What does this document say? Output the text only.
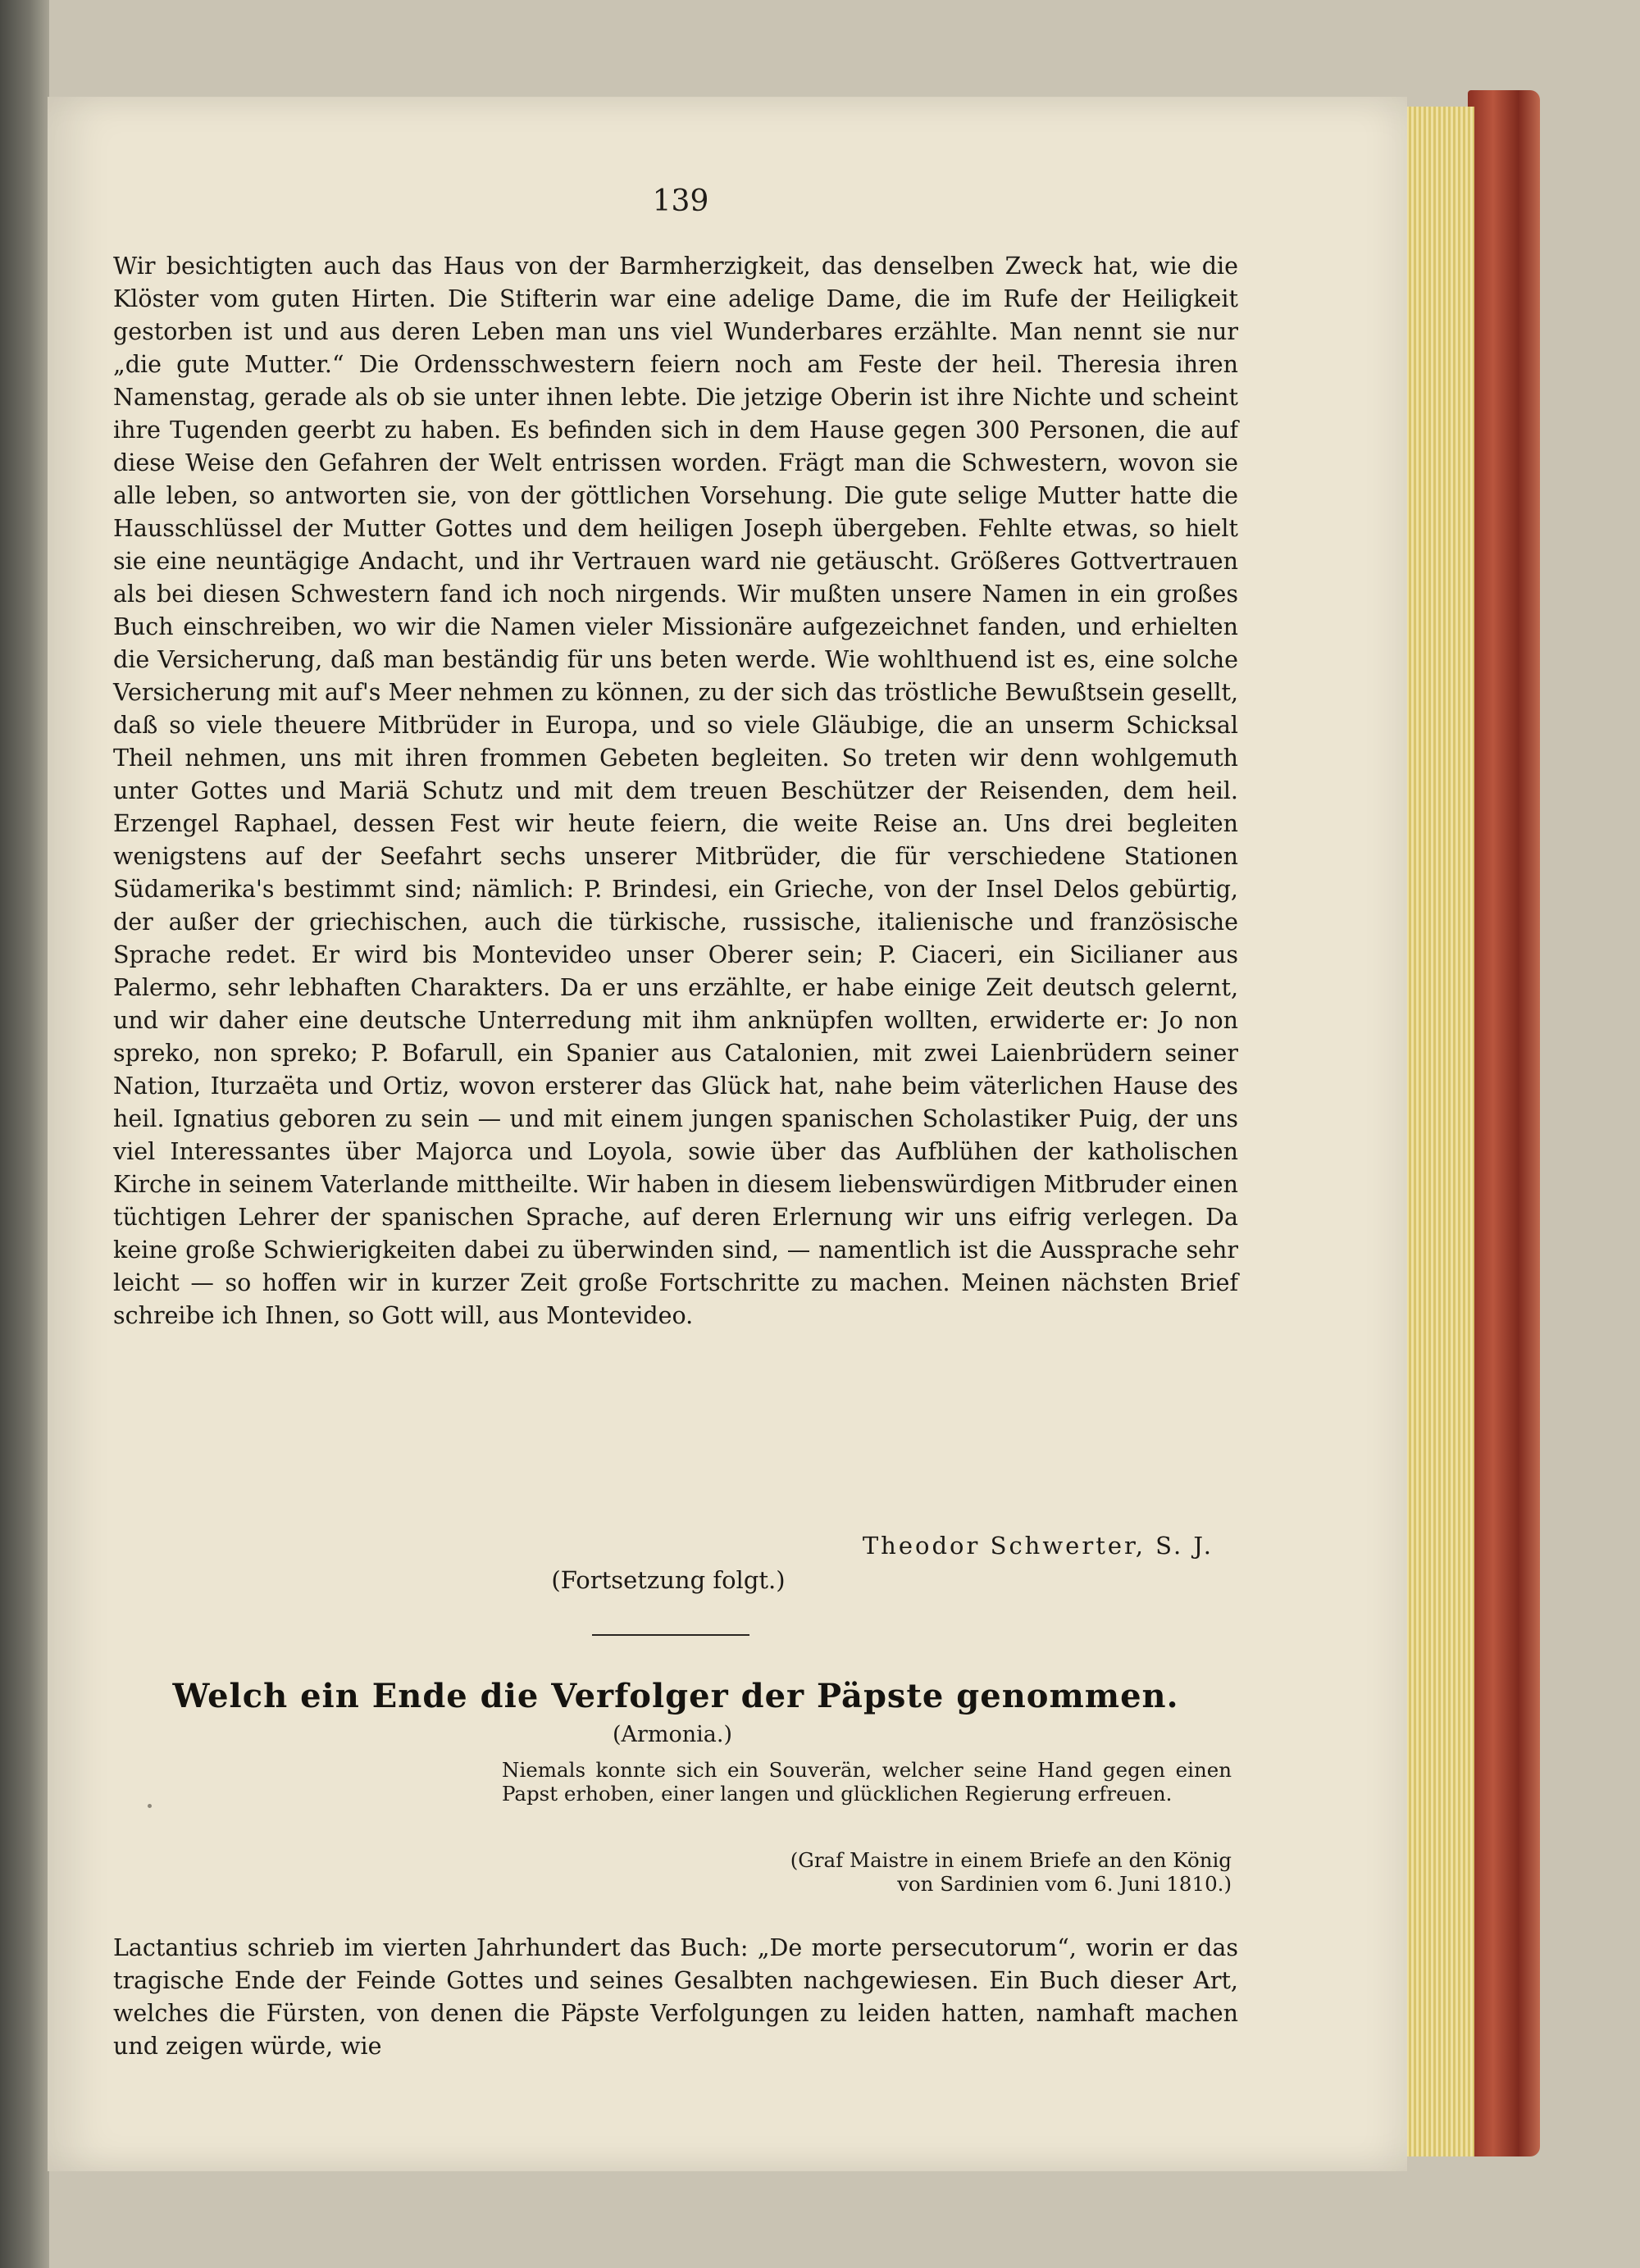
139

Wir besichtigten auch das Haus von der Barmherzigkeit, das denselben Zweck hat, wie die Klöster vom guten Hirten. Die Stifterin war eine adelige Dame, die im Rufe der Heiligkeit gestorben ist und aus deren Leben man uns viel Wunderbares erzählte. Man nennt sie nur „die gute Mutter.“ Die Ordensschwestern feiern noch am Feste der heil. Theresia ihren Namenstag, gerade als ob sie unter ihnen lebte. Die jetzige Oberin ist ihre Nichte und scheint ihre Tugenden geerbt zu haben. Es befinden sich in dem Hause gegen 300 Personen, die auf diese Weise den Gefahren der Welt entrissen worden. Frägt man die Schwestern, wovon sie alle leben, so antworten sie, von der göttlichen Vorsehung. Die gute selige Mutter hatte die Hausschlüssel der Mutter Gottes und dem heiligen Joseph übergeben. Fehlte etwas, so hielt sie eine neuntägige Andacht, und ihr Vertrauen ward nie getäuscht. Größeres Gottvertrauen als bei diesen Schwestern fand ich noch nirgends. Wir mußten unsere Namen in ein großes Buch einschreiben, wo wir die Namen vieler Missionäre aufgezeichnet fanden, und erhielten die Versicherung, daß man beständig für uns beten werde. Wie wohlthuend ist es, eine solche Versicherung mit auf's Meer nehmen zu können, zu der sich das tröstliche Bewußtsein gesellt, daß so viele theuere Mitbrüder in Europa, und so viele Gläubige, die an unserm Schicksal Theil nehmen, uns mit ihren frommen Gebeten begleiten. So treten wir denn wohlgemuth unter Gottes und Mariä Schutz und mit dem treuen Beschützer der Reisenden, dem heil. Erzengel Raphael, dessen Fest wir heute feiern, die weite Reise an. Uns drei begleiten wenigstens auf der Seefahrt sechs unserer Mitbrüder, die für verschiedene Stationen Südamerika's bestimmt sind; nämlich: P. Brindesi, ein Grieche, von der Insel Delos gebürtig, der außer der griechischen, auch die türkische, russische, italienische und französische Sprache redet. Er wird bis Montevideo unser Oberer sein; P. Ciaceri, ein Sicilianer aus Palermo, sehr lebhaften Charakters. Da er uns erzählte, er habe einige Zeit deutsch gelernt, und wir daher eine deutsche Unterredung mit ihm anknüpfen wollten, erwiderte er: Jo non spreko, non spreko; P. Bofarull, ein Spanier aus Catalonien, mit zwei Laienbrüdern seiner Nation, Iturzaëta und Ortiz, wovon ersterer das Glück hat, nahe beim väterlichen Hause des heil. Ignatius geboren zu sein — und mit einem jungen spanischen Scholastiker Puig, der uns viel Interessantes über Majorca und Loyola, sowie über das Aufblühen der katholischen Kirche in seinem Vaterlande mittheilte. Wir haben in diesem liebenswürdigen Mitbruder einen tüchtigen Lehrer der spanischen Sprache, auf deren Erlernung wir uns eifrig verlegen. Da keine große Schwierigkeiten dabei zu überwinden sind, — namentlich ist die Aussprache sehr leicht — so hoffen wir in kurzer Zeit große Fortschritte zu machen. Meinen nächsten Brief schreibe ich Ihnen, so Gott will, aus Montevideo.

Theodor Schwerter, S. J.
(Fortsetzung folgt.)
Welch ein Ende die Verfolger der Päpste genommen.
(Armonia.)
Niemals konnte sich ein Souverän, welcher seine Hand gegen einen Papst erhoben, einer langen und glücklichen Regierung erfreuen.
(Graf Maistre in einem Briefe an den König
von Sardinien vom 6. Juni 1810.)

Lactantius schrieb im vierten Jahrhundert das Buch: „De morte persecutorum“, worin er das tragische Ende der Feinde Gottes und seines Gesalbten nachgewiesen. Ein Buch dieser Art, welches die Fürsten, von denen die Päpste Verfolgungen zu leiden hatten, namhaft machen und zeigen würde, wie
